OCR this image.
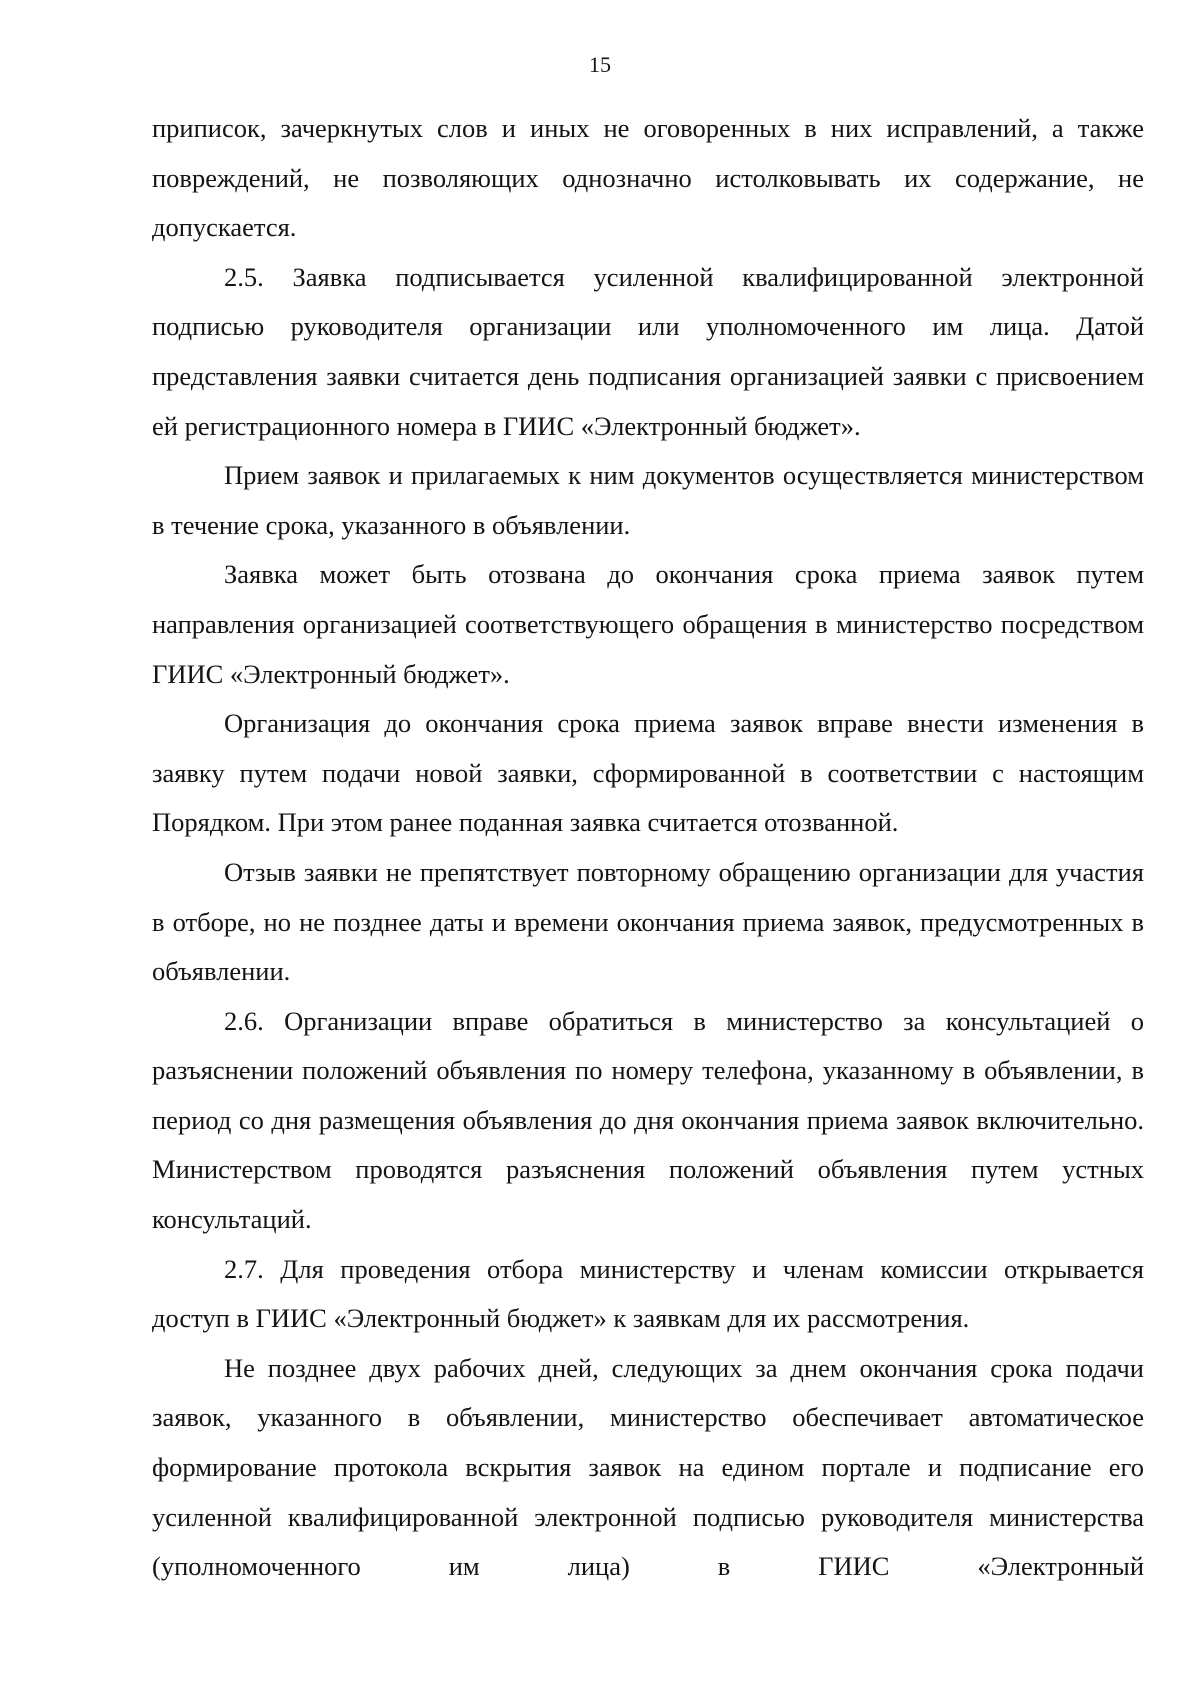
15

приписок, зачеркнутых слов и иных не оговоренных в них исправлений, а также повреждений, не позволяющих однозначно истолковывать их содержание, не допускается.

2.5. Заявка подписывается усиленной квалифицированной электронной подписью руководителя организации или уполномоченного им лица. Датой представления заявки считается день подписания организацией заявки с присвоением ей регистрационного номера в ГИИС «Электронный бюджет».

Прием заявок и прилагаемых к ним документов осуществляется министерством в течение срока, указанного в объявлении.

Заявка может быть отозвана до окончания срока приема заявок путем направления организацией соответствующего обращения в министерство посредством ГИИС «Электронный бюджет».

Организация до окончания срока приема заявок вправе внести изменения в заявку путем подачи новой заявки, сформированной в соответствии с настоящим Порядком. При этом ранее поданная заявка считается отозванной.

Отзыв заявки не препятствует повторному обращению организации для участия в отборе, но не позднее даты и времени окончания приема заявок, предусмотренных в объявлении.

2.6. Организации вправе обратиться в министерство за консультацией о разъяснении положений объявления по номеру телефона, указанному в объявлении, в период со дня размещения объявления до дня окончания приема заявок включительно. Министерством проводятся разъяснения положений объявления путем устных консультаций.

2.7. Для проведения отбора министерству и членам комиссии открывается доступ в ГИИС «Электронный бюджет» к заявкам для их рассмотрения.

Не позднее двух рабочих дней, следующих за днем окончания срока подачи заявок, указанного в объявлении, министерство обеспечивает автоматическое формирование протокола вскрытия заявок на едином портале и подписание его усиленной квалифицированной электронной подписью руководителя министерства (уполномоченного им лица) в ГИИС «Электронный
